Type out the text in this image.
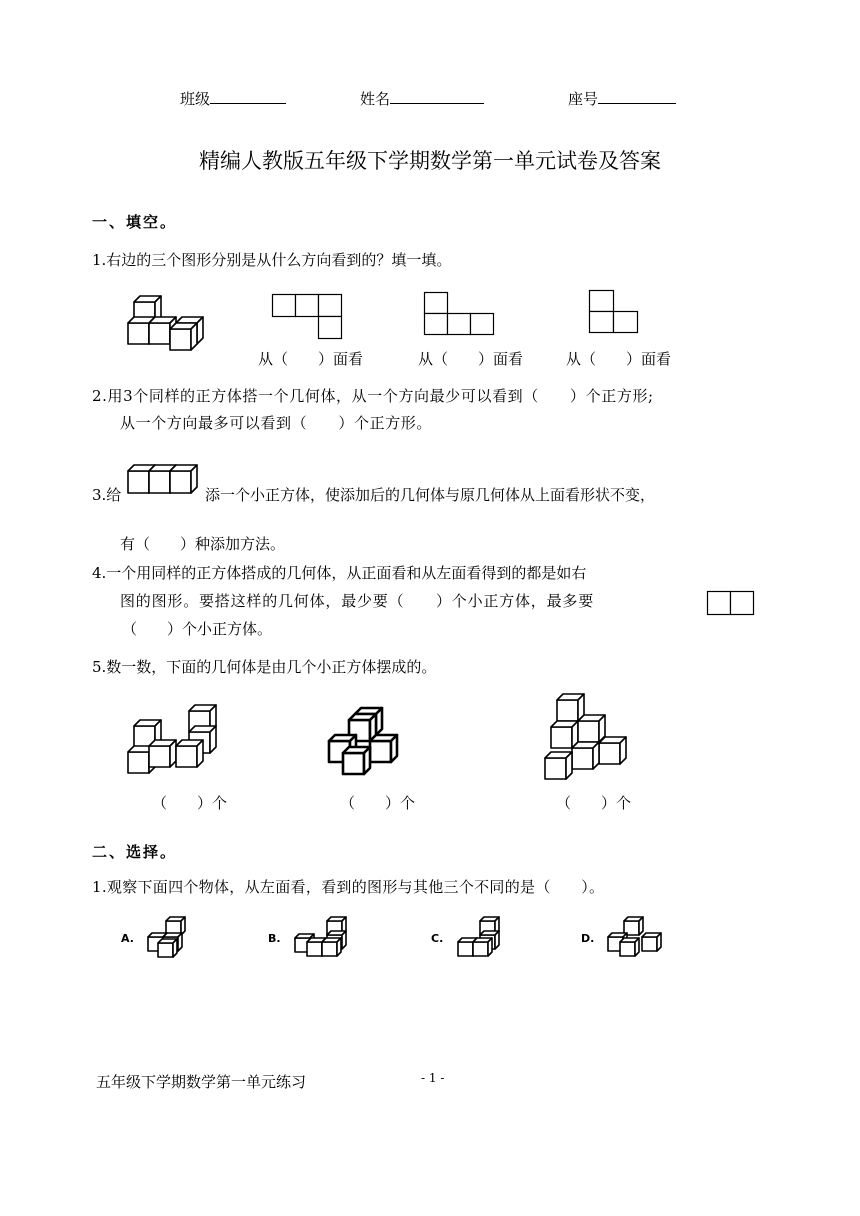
班级	姓名	座号
精编人教版五年级下学期数学第一单元试卷及答案
一、填空。
1.右边的三个图形分别是从什么方向看到的？填一填。
从（　　）面看	从（　　）面看	从（　　）面看
2.用3个同样的正方体搭一个几何体，从一个方向最少可以看到（　　）个正方形;
从一个方向最多可以看到（　　）个正方形。
3.给	添一个小正方体，使添加后的几何体与原几何体从上面看形状不变，
有（　　）种添加方法。
4.一个用同样的正方体搭成的几何体，从正面看和从左面看得到的都是如右
图的图形。要搭这样的几何体，最少要（　　）个小正方体，最多要
（　　）个小正方体。
5.数一数，下面的几何体是由几个小正方体摆成的。
（　　）个	（　　）个	（　　）个
二、选择。
1.观察下面四个物体，从左面看，看到的图形与其他三个不同的是（　　）。
A.	B.	C.	D.
五年级下学期数学第一单元练习	- 1 -
